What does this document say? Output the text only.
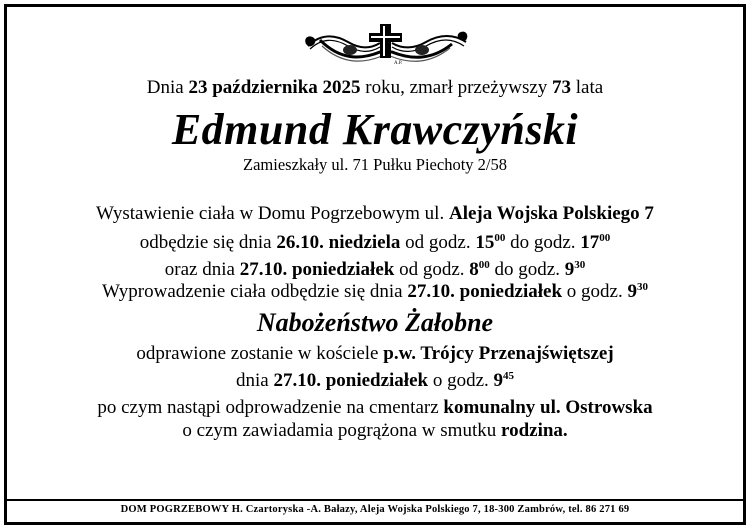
A.P.
Dnia 23 października 2025 roku, zmarł przeżywszy 73 lata
Edmund Krawczyński
Zamieszkały ul. 71 Pułku Piechoty 2/58
Wystawienie ciała w Domu Pogrzebowym ul. Aleja Wojska Polskiego 7
odbędzie się dnia 26.10. niedziela od godz. $15^{00}$ do godz. $17^{00}$
oraz dnia 27.10. poniedziałek od godz. $8^{00}$ do godz. $9^{30}$
Wyprowadzenie ciała odbędzie się dnia 27.10. poniedziałek o godz. $9^{30}$
Nabożeństwo Żałobne
odprawione zostanie w kościele p.w. Trójcy Przenajświętszej
dnia 27.10. poniedziałek o godz. $9^{45}$
po czym nastąpi odprowadzenie na cmentarz komunalny ul. Ostrowska
o czym zawiadamia pogrążona w smutku rodzina.
DOM POGRZEBOWY H. Czartoryska -A. Bałazy, Aleja Wojska Polskiego 7, 18-300 Zambrów, tel. 86 271 69
